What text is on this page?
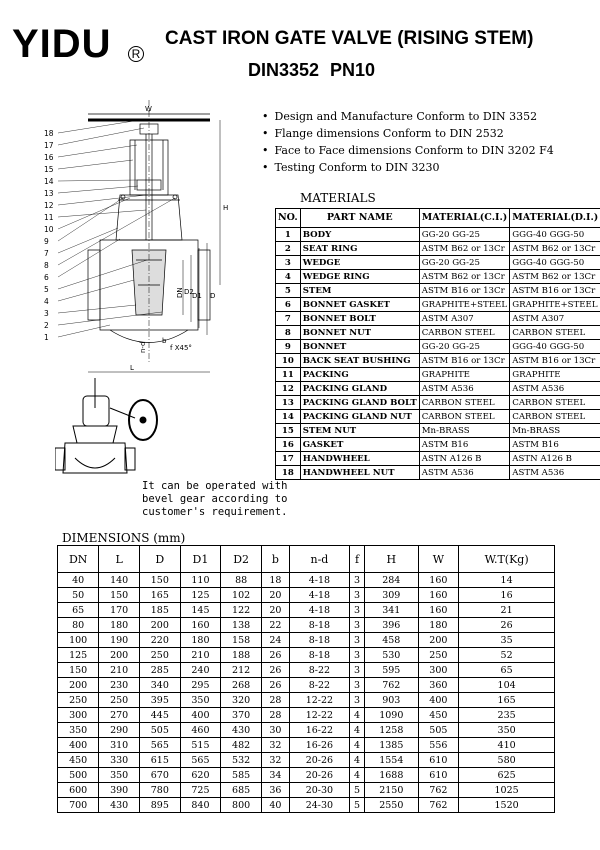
YIDU	R
CAST IRON GATE VALVE (RISING STEM)
DIN3352 PN10
• Design and Manufacture Conform to DIN 3352
• Flange dimensions Conform to DIN 2532
• Face to Face dimensions Conform to DIN 3202 F4
• Testing Conform to DIN 3230
W
H
DN D2
D1 D
n-d	f X45°
b
L
18
17
16
15
14
13
12
11
10
9
7
8
6
5
4
3
2
1
It can be operated with
bevel gear according to
customer's requirement.
MATERIALS
NO.	PART NAME	MATERIAL(C.I.)	MATERIAL(D.I.)
1	BODY	GG-20 GG-25	GGG-40 GGG-50
2	SEAT RING	ASTM B62 or 13Cr	ASTM B62 or 13Cr
3	WEDGE	GG-20 GG-25	GGG-40 GGG-50
4	WEDGE RING	ASTM B62 or 13Cr	ASTM B62 or 13Cr
5	STEM	ASTM B16 or 13Cr	ASTM B16 or 13Cr
6	BONNET GASKET	GRAPHITE+STEEL	GRAPHITE+STEEL
7	BONNET BOLT	ASTM A307	ASTM A307
8	BONNET NUT	CARBON STEEL	CARBON STEEL
9	BONNET	GG-20 GG-25	GGG-40 GGG-50
10	BACK SEAT BUSHING	ASTM B16 or 13Cr	ASTM B16 or 13Cr
11	PACKING	GRAPHITE	GRAPHITE
12	PACKING GLAND	ASTM A536	ASTM A536
13	PACKING GLAND BOLT	CARBON STEEL	CARBON STEEL
14	PACKING GLAND NUT	CARBON STEEL	CARBON STEEL
15	STEM NUT	Mn-BRASS	Mn-BRASS
16	GASKET	ASTM B16	ASTM B16
17	HANDWHEEL	ASTN A126 B	ASTN A126 B
18	HANDWHEEL NUT	ASTM A536	ASTM A536
DIMENSIONS (mm)
DN	L	D	D1	D2	b	n-d	f	H	W	W.T(Kg)
40	140	150	110	88	18	4-18	3	284	160	14
50	150	165	125	102	20	4-18	3	309	160	16
65	170	185	145	122	20	4-18	3	341	160	21
80	180	200	160	138	22	8-18	3	396	180	26
100	190	220	180	158	24	8-18	3	458	200	35
125	200	250	210	188	26	8-18	3	530	250	52
150	210	285	240	212	26	8-22	3	595	300	65
200	230	340	295	268	26	8-22	3	762	360	104
250	250	395	350	320	28	12-22	3	903	400	165
300	270	445	400	370	28	12-22	4	1090	450	235
350	290	505	460	430	30	16-22	4	1258	505	350
400	310	565	515	482	32	16-26	4	1385	556	410
450	330	615	565	532	32	20-26	4	1554	610	580
500	350	670	620	585	34	20-26	4	1688	610	625
600	390	780	725	685	36	20-30	5	2150	762	1025
700	430	895	840	800	40	24-30	5	2550	762	1520
